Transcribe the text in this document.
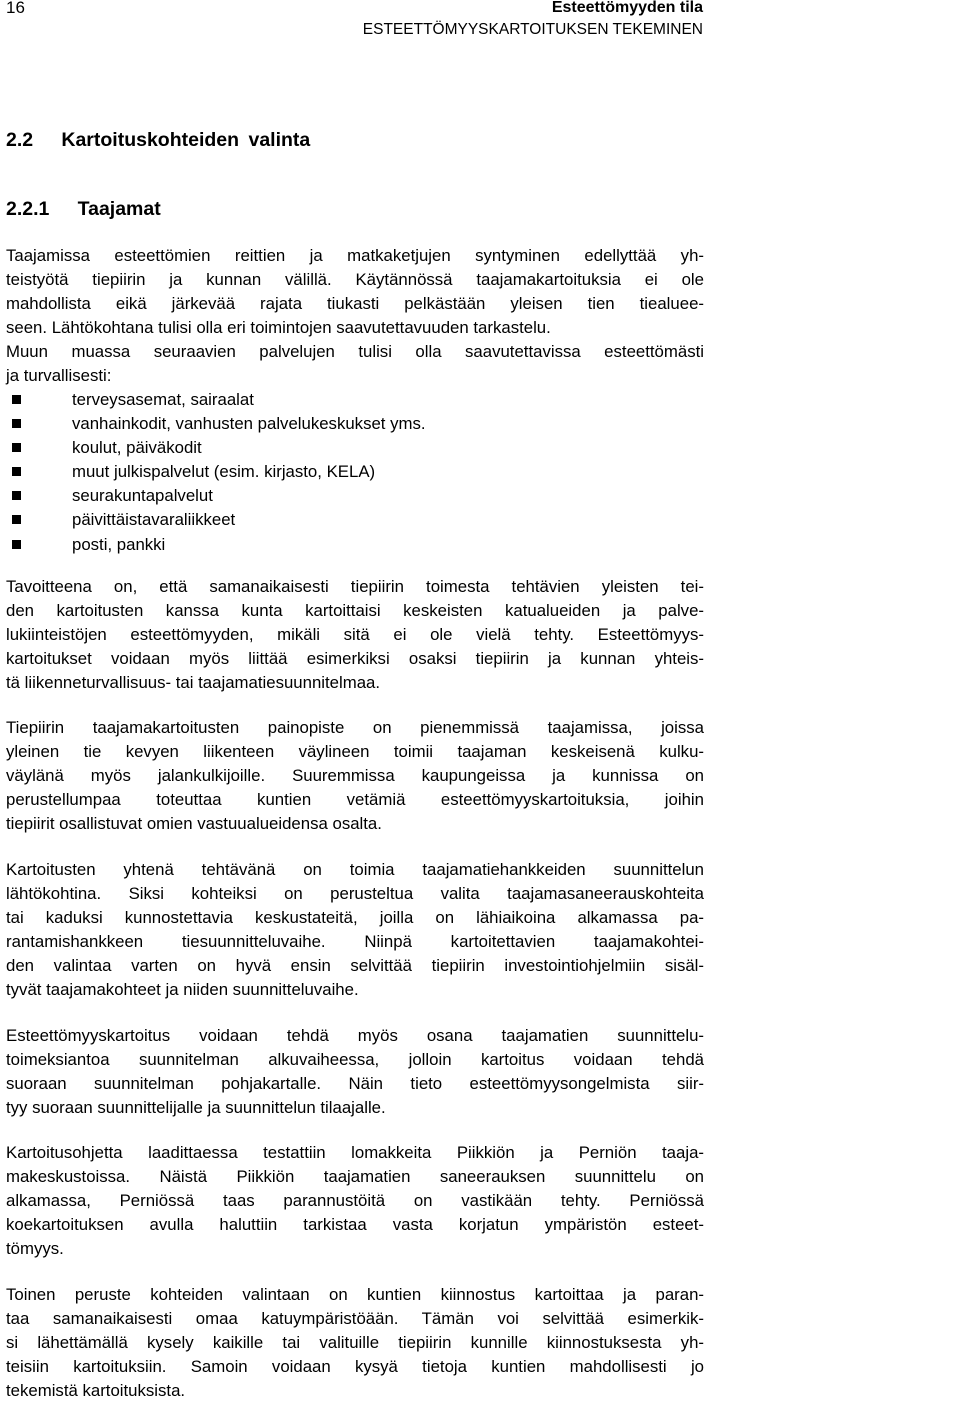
16	Esteettömyyden tila
ESTEETTÖMYYSKARTOITUKSEN TEKEMINEN
2.2 Kartoituskohteiden valinta
2.2.1 Taajamat
Taajamissa esteettömien reittien ja matkaketjujen syntyminen edellyttää yh-
teistyötä tiepiirin ja kunnan välillä. Käytännössä taajamakartoituksia ei ole
mahdollista eikä järkevää rajata tiukasti pelkästään yleisen tien tiealuee-
seen. Lähtökohtana tulisi olla eri toimintojen saavutettavuuden tarkastelu.
Muun muassa seuraavien palvelujen tulisi olla saavutettavissa esteettömästi
ja turvallisesti:
terveysasemat, sairaalat
vanhainkodit, vanhusten palvelukeskukset yms.
koulut, päiväkodit
muut julkispalvelut (esim. kirjasto, KELA)
seurakuntapalvelut
päivittäistavaraliikkeet
posti, pankki
Tavoitteena on, että samanaikaisesti tiepiirin toimesta tehtävien yleisten tei-
den kartoitusten kanssa kunta kartoittaisi keskeisten katualueiden ja palve-
lukiinteistöjen esteettömyyden, mikäli sitä ei ole vielä tehty. Esteettömyys-
kartoitukset voidaan myös liittää esimerkiksi osaksi tiepiirin ja kunnan yhteis-
tä liikenneturvallisuus- tai taajamatiesuunnitelmaa.
Tiepiirin taajamakartoitusten painopiste on pienemmissä taajamissa, joissa
yleinen tie kevyen liikenteen väylineen toimii taajaman keskeisenä kulku-
väylänä myös jalankulkijoille. Suuremmissa kaupungeissa ja kunnissa on
perustellumpaa toteuttaa kuntien vetämiä esteettömyyskartoituksia, joihin
tiepiirit osallistuvat omien vastuualueidensa osalta.
Kartoitusten yhtenä tehtävänä on toimia taajamatiehankkeiden suunnittelun
lähtökohtina. Siksi kohteiksi on perusteltua valita taajamasaneerauskohteita
tai kaduksi kunnostettavia keskustateitä, joilla on lähiaikoina alkamassa pa-
rantamishankkeen tiesuunnitteluvaihe. Niinpä kartoitettavien taajamakohtei-
den valintaa varten on hyvä ensin selvittää tiepiirin investointiohjelmiin sisäl-
tyvät taajamakohteet ja niiden suunnitteluvaihe.
Esteettömyyskartoitus voidaan tehdä myös osana taajamatien suunnittelu-
toimeksiantoa suunnitelman alkuvaiheessa, jolloin kartoitus voidaan tehdä
suoraan suunnitelman pohjakartalle. Näin tieto esteettömyysongelmista siir-
tyy suoraan suunnittelijalle ja suunnittelun tilaajalle.
Kartoitusohjetta laadittaessa testattiin lomakkeita Piikkiön ja Perniön taaja-
makeskustoissa. Näistä Piikkiön taajamatien saneerauksen suunnittelu on
alkamassa, Perniössä taas parannustöitä on vastikään tehty. Perniössä
koekartoituksen avulla haluttiin tarkistaa vasta korjatun ympäristön esteet-
tömyys.
Toinen peruste kohteiden valintaan on kuntien kiinnostus kartoittaa ja paran-
taa samanaikaisesti omaa katuympäristöään. Tämän voi selvittää esimerkik-
si lähettämällä kysely kaikille tai valituille tiepiirin kunnille kiinnostuksesta yh-
teisiin kartoituksiin. Samoin voidaan kysyä tietoja kuntien mahdollisesti jo
tekemistä kartoituksista.
